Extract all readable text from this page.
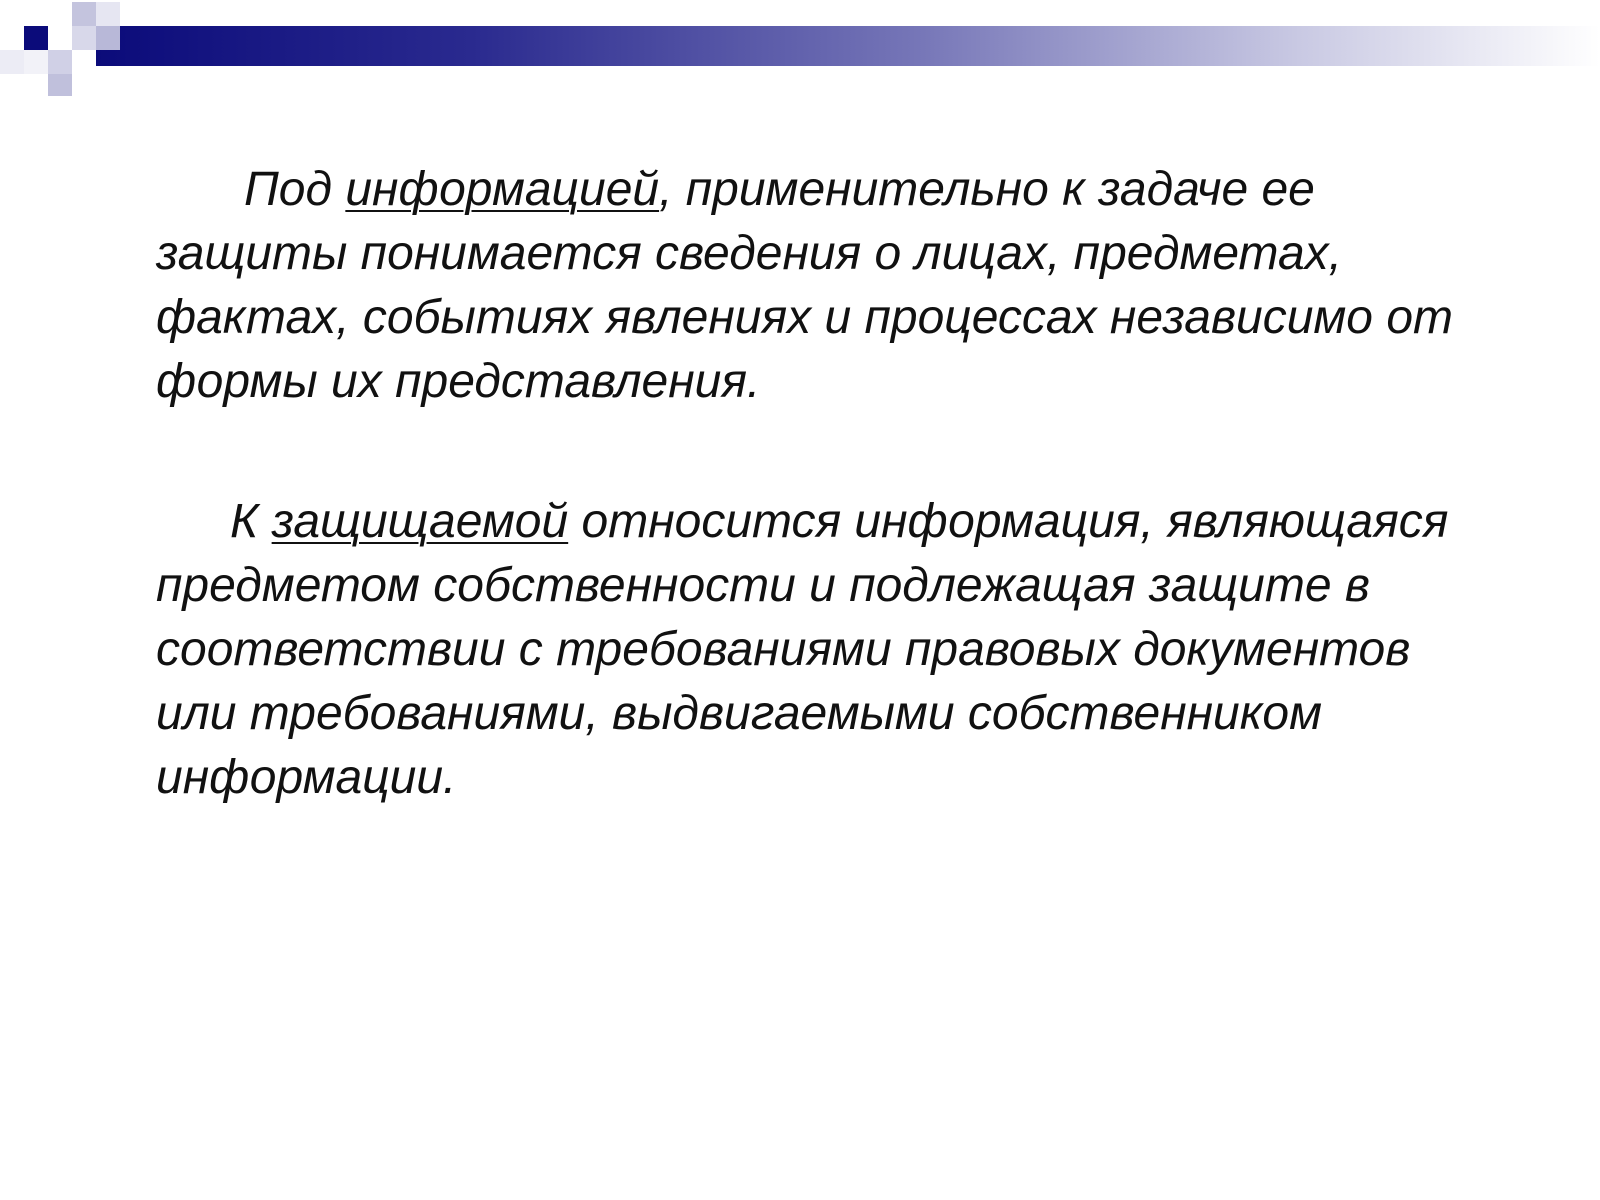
Под информацией, применительно к задаче ее защиты понимается сведения о лицах, предметах, фактах, событиях явлениях и процессах независимо от формы их представления.

К защищаемой относится информация, являющаяся предметом собственности и подлежащая защите в соответствии с требованиями правовых документов или требованиями, выдвигаемыми собственником информации.
